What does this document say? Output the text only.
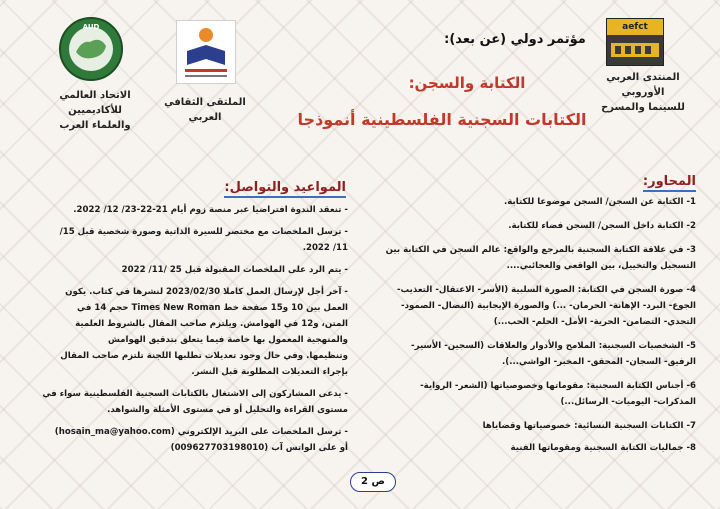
AUD
الاتحاد العالمي للأكاديميين
والعلماء العرب
الملتقى الثقافي العربي
مؤتمر دولي (عن بعد):
الكتابة والسجن:
الكتابات السجنية الفلسطينية أنموذجا
aefct
المنتدى العربي الأوروبي
للسينما والمسرح
المحاور:
1- الكتابة عن السجن/ السجن موضوعا للكتابة.
2- الكتابة داخل السجن/ السجن فضاء للكتابة.
3- في علاقة الكتابة السجنية بالمرجع والواقع: عالم السجن في الكتابة بين
التسجيل والتخييل، بين الواقعي والعجائبي....
4- صورة السجن في الكتابة: الصورة السلبية (الأسر- الاعتقال- التعذيب-
الجوع- البرد- الإهانة- الحرمان- ...) والصورة الإيجابية (النضال- الصمود-
التحدي- التضامن- الحرية- الأمل- الحلم- الحب...)
5- الشخصيات السجنية: الملامح والأدوار والعلاقات (السجين- الأسير-
الرفيق- السجان- المحقق- المخبر- الواشي...).
6- أجناس الكتابة السجنية: مقوماتها وخصوصياتها (الشعر- الرواية-
المذكرات- اليوميات- الرسائل...)
7- الكتابات السجنية النسائية: خصوصياتها وقضاياها
8- جماليات الكتابة السجنية ومقوماتها الفنية
المواعيد والتواصل:
- تنعقد الندوة افتراضيا عبر منصة زوم أيام 21-22-23/ 12/ 2022.
- ترسل الملخصات مع مختصر للسيرة الذاتية وصورة شخصية قبل 15/
11/ 2022.
- يتم الرد على الملخصات المقبولة قبل 25 /11/ 2022
- آخر أجل لإرسال العمل كاملا 2023/02/30 لنشرها في كتاب. يكون
العمل بين 10 و15 صفحة خط Times New Roman حجم 14 في
المتن، و12 في الهوامش. ويلتزم صاحب المقال بالشروط العلمية
والمنهجية المعمول بها خاصة فيما يتعلق بتدقيق الهوامش
وتنظيمها. وفي حال وجود تعديلات تطلبها اللجنة تلتزم صاحب المقال
بإجراء التعديلات المطلوبة قبل النشر.
- يدعى المشاركون إلى الاشتغال بالكتابات السجنية الفلسطينية سواء في
مستوى القراءة والتحليل أو في مستوى الأمثلة والشواهد.
- ترسل الملخصات على البريد الإلكتروني (hosain_ma@yahoo.com)
أو على الواتس آب (009627703198010)
ص 2
